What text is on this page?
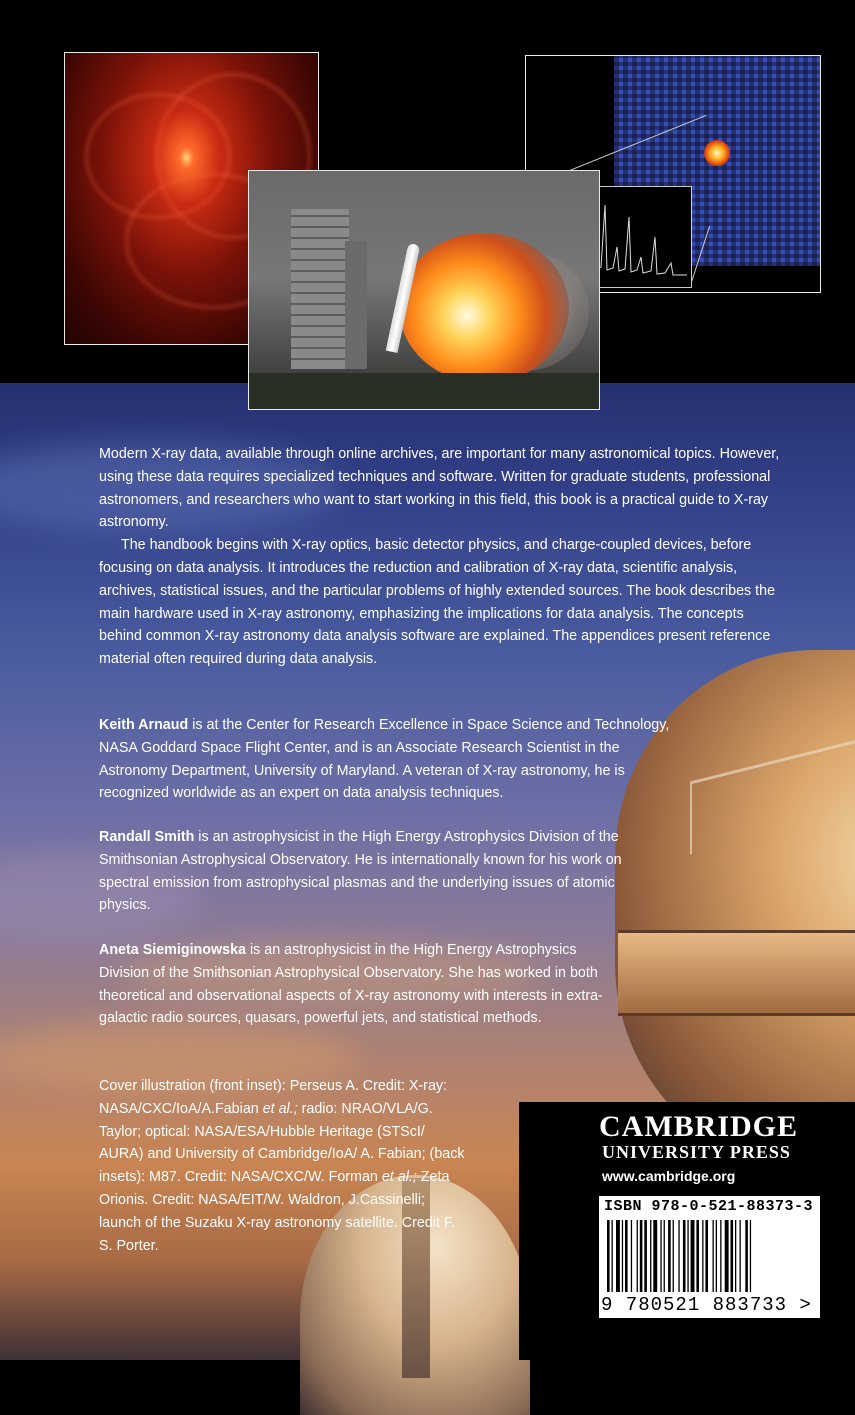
Modern X-ray data, available through online archives, are important for many astronomical topics. However, using these data requires specialized techniques and software. Written for graduate students, professional astronomers, and researchers who want to start working in this field, this book is a practical guide to X-ray astronomy.

The handbook begins with X-ray optics, basic detector physics, and charge-coupled devices, before focusing on data analysis. It introduces the reduction and calibration of X-ray data, scientific analysis, archives, statistical issues, and the particular problems of highly extended sources. The book describes the main hardware used in X-ray astronomy, emphasizing the implications for data analysis. The concepts behind common X-ray astronomy data analysis software are explained. The appendices present reference material often required during data analysis.

Keith Arnaud is at the Center for Research Excellence in Space Science and Technology, NASA Goddard Space Flight Center, and is an Associate Research Scientist in the Astronomy Department, University of Maryland. A veteran of X-ray astronomy, he is recognized worldwide as an expert on data analysis techniques.
Randall Smith is an astrophysicist in the High Energy Astrophysics Division of the Smithsonian Astrophysical Observatory. He is internationally known for his work on spectral emission from astrophysical plasmas and the underlying issues of atomic physics.
Aneta Siemiginowska is an astrophysicist in the High Energy Astrophysics Division of the Smithsonian Astrophysical Observatory. She has worked in both theoretical and observational aspects of X-ray astronomy with interests in extra-galactic radio sources, quasars, powerful jets, and statistical methods.
Cover illustration (front inset): Perseus A. Credit: X-ray: NASA/CXC/IoA/A.Fabian et al.; radio: NRAO/VLA/G. Taylor; optical: NASA/ESA/Hubble Heritage (STScI/ AURA) and University of Cambridge/IoA/ A. Fabian; (back insets): M87. Credit: NASA/CXC/W. Forman et al.; Zeta Orionis. Credit: NASA/EIT/W. Waldron, J.Cassinelli; launch of the Suzaku X-ray astronomy satellite. Credit F. S. Porter.
CAMBRIDGE
UNIVERSITY PRESS
www.cambridge.org
ISBN 978-0-521-88373-3
9 780521 883733 >
